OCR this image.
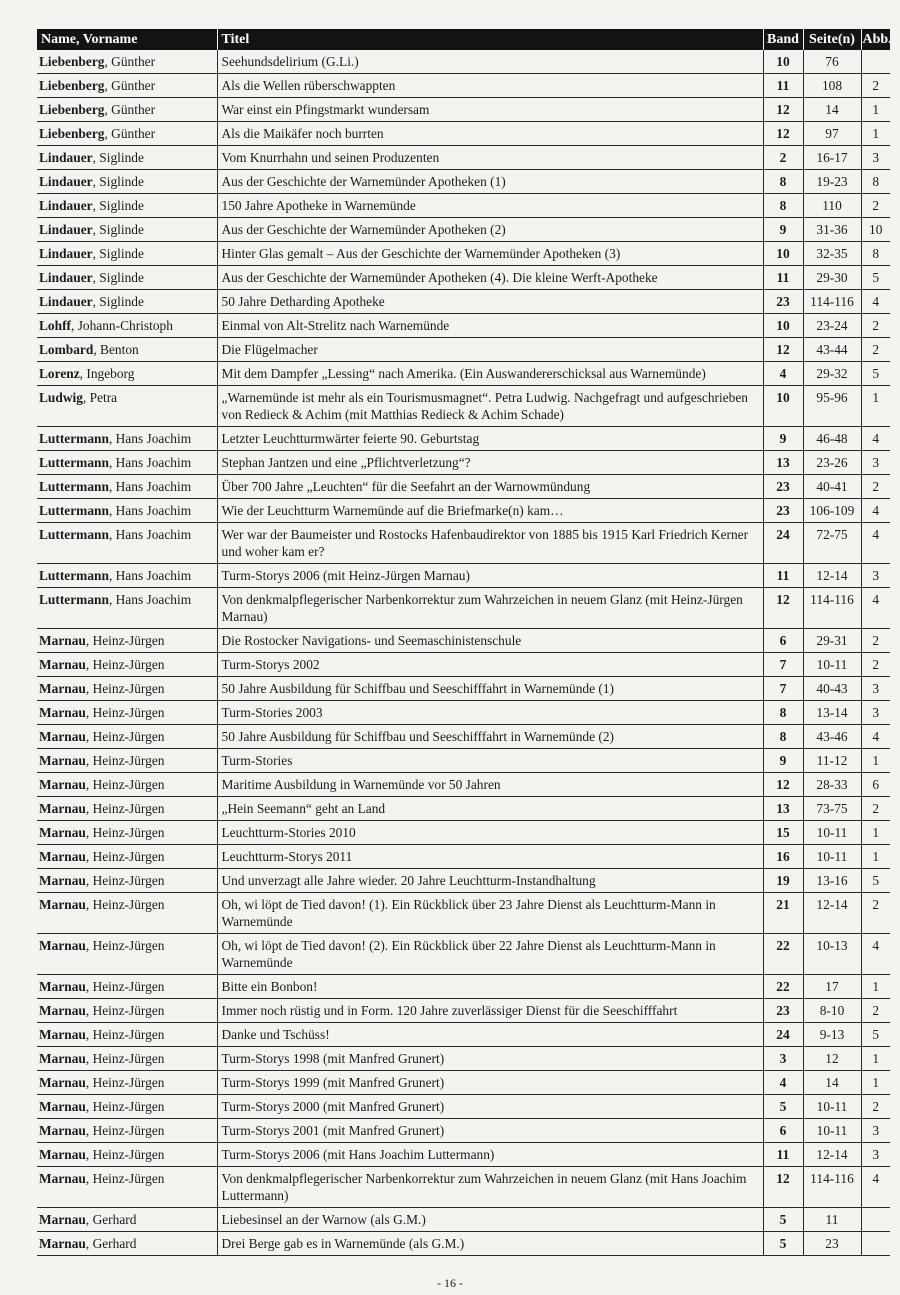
Name, Vorname	Titel	Band	Seite(n)	Abb.
Liebenberg, Günther	Seehundsdelirium (G.Li.)	10	76	
Liebenberg, Günther	Als die Wellen rüberschwappten	11	108	2
Liebenberg, Günther	War einst ein Pfingstmarkt wundersam	12	14	1
Liebenberg, Günther	Als die Maikäfer noch burrten	12	97	1
Lindauer, Siglinde	Vom Knurrhahn und seinen Produzenten	2	16-17	3
Lindauer, Siglinde	Aus der Geschichte der Warnemünder Apotheken (1)	8	19-23	8
Lindauer, Siglinde	150 Jahre Apotheke in Warnemünde	8	110	2
Lindauer, Siglinde	Aus der Geschichte der Warnemünder Apotheken (2)	9	31-36	10
Lindauer, Siglinde	Hinter Glas gemalt – Aus der Geschichte der Warnemünder Apotheken (3)	10	32-35	8
Lindauer, Siglinde	Aus der Geschichte der Warnemünder Apotheken (4). Die kleine Werft-Apotheke	11	29-30	5
Lindauer, Siglinde	50 Jahre Detharding Apotheke	23	114-116	4
Lohff, Johann-Christoph	Einmal von Alt-Strelitz nach Warnemünde	10	23-24	2
Lombard, Benton	Die Flügelmacher	12	43-44	2
Lorenz, Ingeborg	Mit dem Dampfer „Lessing“ nach Amerika. (Ein Auswandererschicksal aus Warnemünde)	4	29-32	5
Ludwig, Petra	„Warnemünde ist mehr als ein Tourismusmagnet“. Petra Ludwig. Nachgefragt und aufgeschrieben von Redieck & Achim (mit Matthias Redieck & Achim Schade)	10	95-96	1
Luttermann, Hans Joachim	Letzter Leuchtturmwärter feierte 90. Geburtstag	9	46-48	4
Luttermann, Hans Joachim	Stephan Jantzen und eine „Pflichtverletzung“?	13	23-26	3
Luttermann, Hans Joachim	Über 700 Jahre „Leuchten“ für die Seefahrt an der Warnowmündung	23	40-41	2
Luttermann, Hans Joachim	Wie der Leuchtturm Warnemünde auf die Briefmarke(n) kam…	23	106-109	4
Luttermann, Hans Joachim	Wer war der Baumeister und Rostocks Hafenbaudirektor von 1885 bis 1915 Karl Friedrich Kerner und woher kam er?	24	72-75	4
Luttermann, Hans Joachim	Turm-Storys 2006 (mit Heinz-Jürgen Marnau)	11	12-14	3
Luttermann, Hans Joachim	Von denkmalpflegerischer Narbenkorrektur zum Wahrzeichen in neuem Glanz (mit Heinz-Jürgen Marnau)	12	114-116	4
Marnau, Heinz-Jürgen	Die Rostocker Navigations- und Seemaschinistenschule	6	29-31	2
Marnau, Heinz-Jürgen	Turm-Storys 2002	7	10-11	2
Marnau, Heinz-Jürgen	50 Jahre Ausbildung für Schiffbau und Seeschifffahrt in Warnemünde (1)	7	40-43	3
Marnau, Heinz-Jürgen	Turm-Stories 2003	8	13-14	3
Marnau, Heinz-Jürgen	50 Jahre Ausbildung für Schiffbau und Seeschifffahrt in Warnemünde (2)	8	43-46	4
Marnau, Heinz-Jürgen	Turm-Stories	9	11-12	1
Marnau, Heinz-Jürgen	Maritime Ausbildung in Warnemünde vor 50 Jahren	12	28-33	6
Marnau, Heinz-Jürgen	„Hein Seemann“ geht an Land	13	73-75	2
Marnau, Heinz-Jürgen	Leuchtturm-Stories 2010	15	10-11	1
Marnau, Heinz-Jürgen	Leuchtturm-Storys 2011	16	10-11	1
Marnau, Heinz-Jürgen	Und unverzagt alle Jahre wieder. 20 Jahre Leuchtturm-Instandhaltung	19	13-16	5
Marnau, Heinz-Jürgen	Oh, wi löpt de Tied davon! (1). Ein Rückblick über 23 Jahre Dienst als Leuchtturm-Mann in Warnemünde	21	12-14	2
Marnau, Heinz-Jürgen	Oh, wi löpt de Tied davon! (2). Ein Rückblick über 22 Jahre Dienst als Leuchtturm-Mann in Warnemünde	22	10-13	4
Marnau, Heinz-Jürgen	Bitte ein Bonbon!	22	17	1
Marnau, Heinz-Jürgen	Immer noch rüstig und in Form. 120 Jahre zuverlässiger Dienst für die Seeschifffahrt	23	8-10	2
Marnau, Heinz-Jürgen	Danke und Tschüss!	24	9-13	5
Marnau, Heinz-Jürgen	Turm-Storys 1998 (mit Manfred Grunert)	3	12	1
Marnau, Heinz-Jürgen	Turm-Storys 1999 (mit Manfred Grunert)	4	14	1
Marnau, Heinz-Jürgen	Turm-Storys 2000 (mit Manfred Grunert)	5	10-11	2
Marnau, Heinz-Jürgen	Turm-Storys 2001 (mit Manfred Grunert)	6	10-11	3
Marnau, Heinz-Jürgen	Turm-Storys 2006 (mit Hans Joachim Luttermann)	11	12-14	3
Marnau, Heinz-Jürgen	Von denkmalpflegerischer Narbenkorrektur zum Wahrzeichen in neuem Glanz (mit Hans Joachim Luttermann)	12	114-116	4
Marnau, Gerhard	Liebesinsel an der Warnow (als G.M.)	5	11	
Marnau, Gerhard	Drei Berge gab es in Warnemünde (als G.M.)	5	23	
- 16 -
